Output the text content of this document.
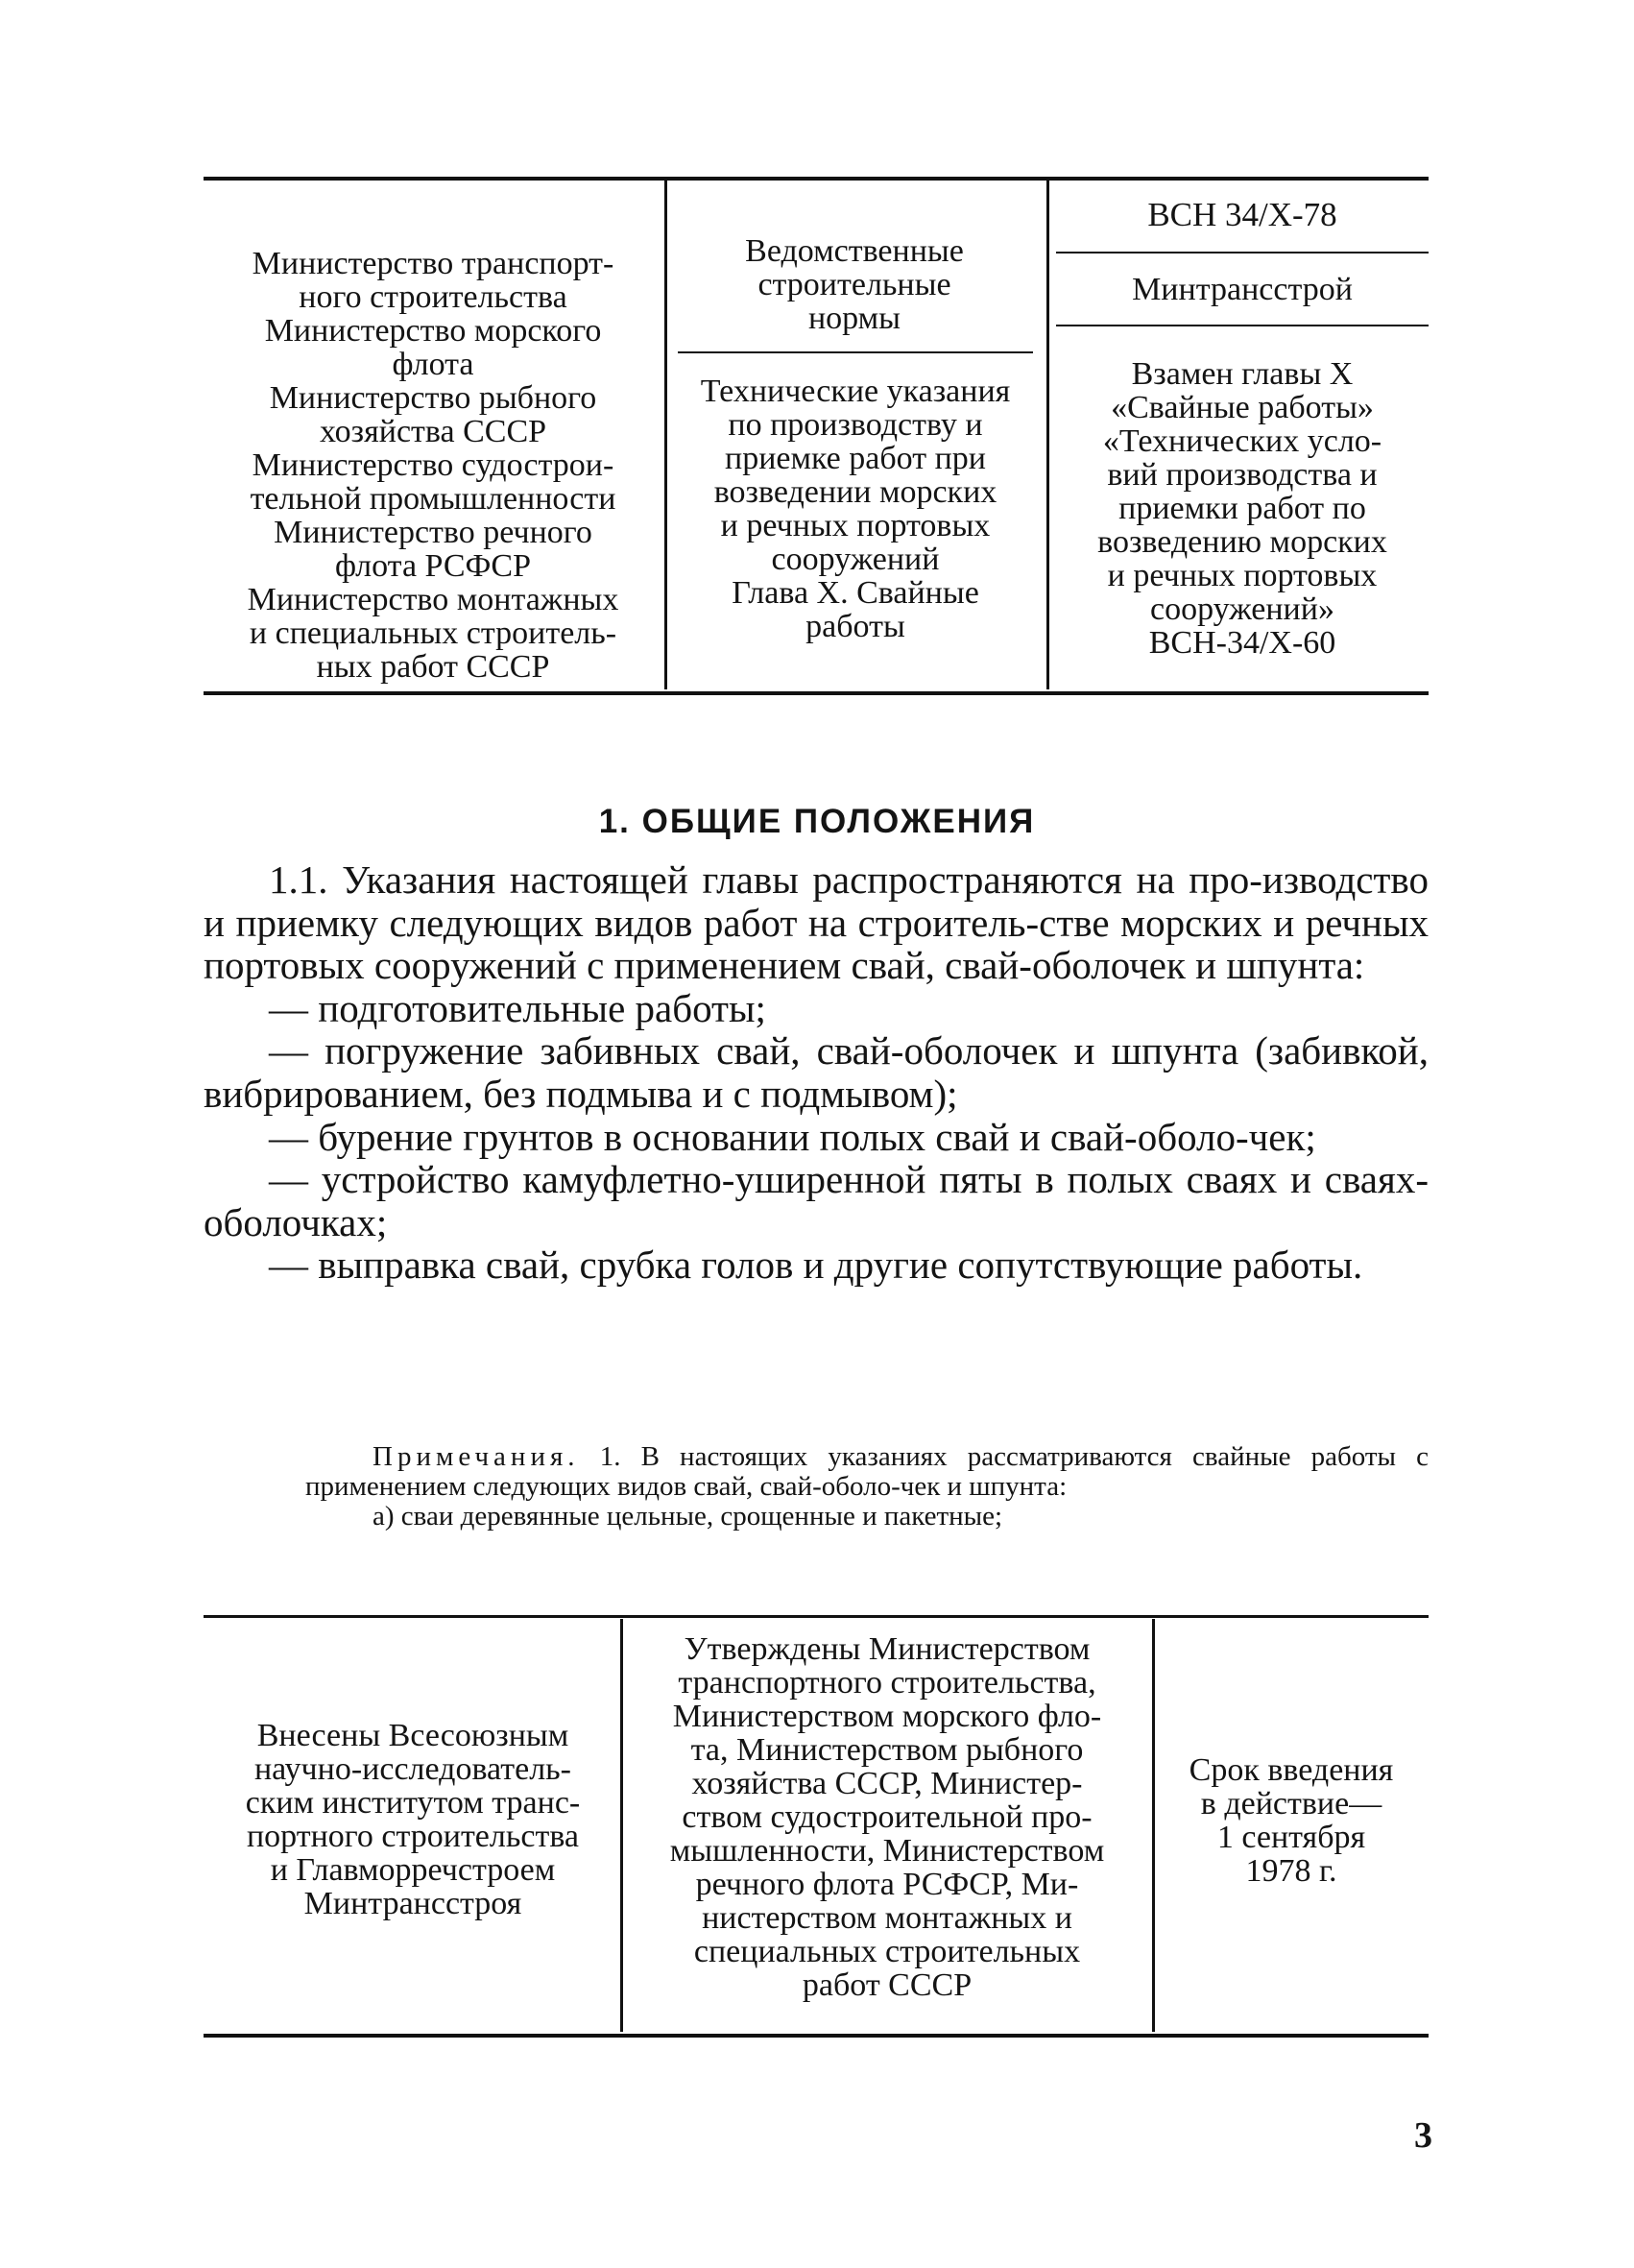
Министерство транспорт-
ного строительства
Министерство морского
флота
Министерство рыбного
хозяйства СССР
Министерство судострои-
тельной промышленности
Министерство речного
флота РСФСР
Министерство монтажных
и специальных строитель-
ных работ СССР

Ведомственные
строительные
нормы
Технические указания
по производству и
приемке работ при
возведении морских
и речных портовых
сооружений
Глава X. Свайные
работы
ВСН 34/X-78
Минтрансстрой
Взамен главы X
«Свайные работы»
«Технических усло-
вий производства и
приемки работ по
возведению морских
и речных портовых
сооружений»
ВСН-34/X-60
1. ОБЩИЕ ПОЛОЖЕНИЯ

1.1. Указания настоящей главы распространяются на про-изводство и приемку следующих видов работ на строитель-стве морских и речных портовых сооружений с применением свай, свай-оболочек и шпунта:

— подготовительные работы;

— погружение забивных свай, свай-оболочек и шпунта (забивкой, вибрированием, без подмыва и с подмывом);

— бурение грунтов в основании полых свай и свай-оболо-чек;

— устройство камуфлетно-уширенной пяты в полых сваях и сваях-оболочках;

— выправка свай, срубка голов и другие сопутствующие работы.

Примечания. 1. В настоящих указаниях рассматриваются свайные работы с применением следующих видов свай, свай-оболо-чек и шпунта:

а) сваи деревянные цельные, срощенные и пакетные;

Внесены Всесоюзным
научно-исследователь-
ским институтом транс-
портного строительства
и Главморречстроем
Минтрансстроя
Утверждены Министерством
транспортного строительства,
Министерством морского фло-
та, Министерством рыбного
хозяйства СССР, Министер-
ством судостроительной про-
мышленности, Министерством
речного флота РСФСР, Ми-
нистерством монтажных и
специальных строительных
работ СССР
Срок введения
в действие—
1 сентября
1978 г.
3
